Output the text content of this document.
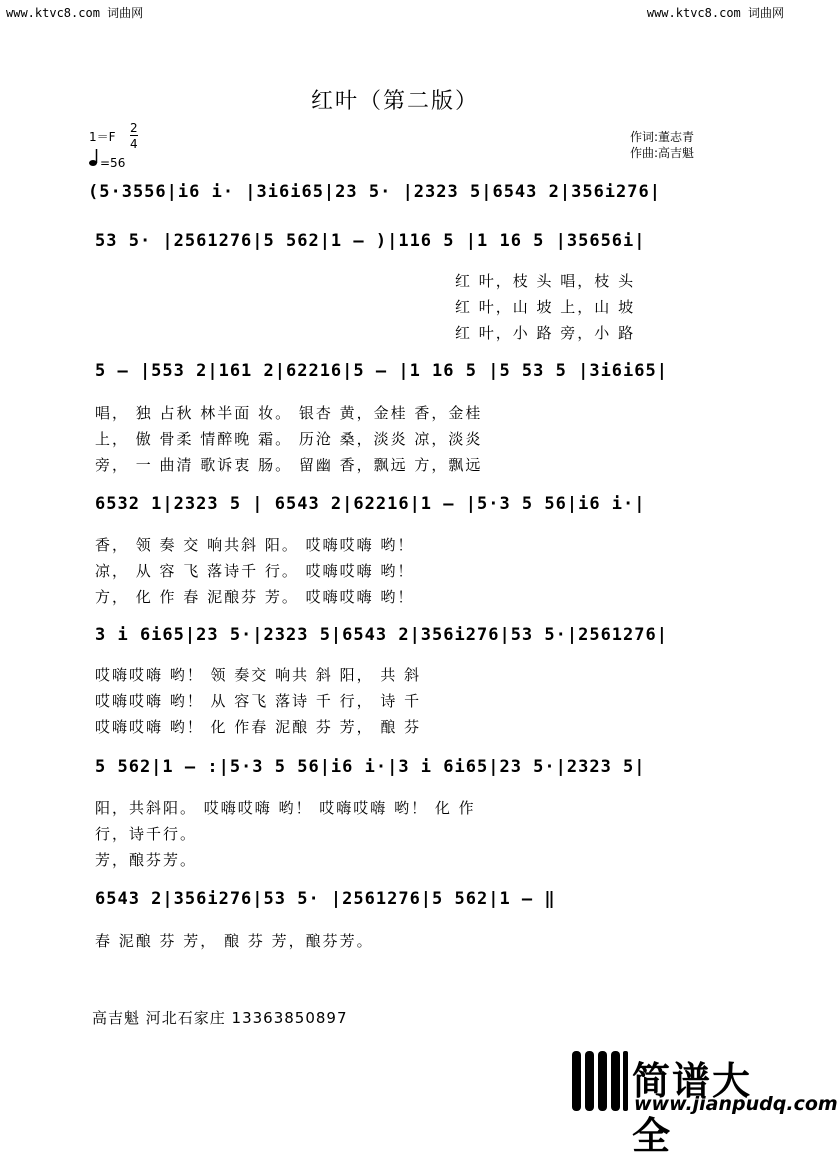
www.ktvc8.com 词曲网	www.ktvc8.com 词曲网
红叶（第二版）
$1=F \frac{2}{4}$
=56
作词:董志青
作曲:高吉魁
(5·3556|i6 i· |3i6i65|23 5· |2323 5|6543 2|356i276|
53 5· |2561276|5 562|1 – )|116 5 |1 16 5 |35656i|
红 叶，枝 头 唱，枝 头
红 叶，山 坡 上，山 坡
红 叶，小 路 旁，小 路
5 – |553 2|161 2|62216|5 – |1 16 5 |5 53 5 |3i6i65|
唱， 独 占秋 林半面 妆。 银杏 黄，金桂 香，金桂
上， 傲 骨柔 情醉晚 霜。 历沧 桑，淡炎 凉，淡炎
旁， 一 曲清 歌诉衷 肠。 留幽 香，飘远 方，飘远
6532 1|2323 5 | 6543 2|62216|1 – |5·3 5 56|i6 i·|
香， 领 奏 交 响共斜 阳。 哎嗨哎嗨 哟！
凉， 从 容 飞 落诗千 行。 哎嗨哎嗨 哟！
方， 化 作 春 泥酿芬 芳。 哎嗨哎嗨 哟！
3 i 6i65|23 5·|2323 5|6543 2|356i276|53 5·|2561276|
哎嗨哎嗨 哟！ 领 奏交 响共 斜 阳， 共 斜
哎嗨哎嗨 哟！ 从 容飞 落诗 千 行， 诗 千
哎嗨哎嗨 哟！ 化 作春 泥酿 芬 芳， 酿 芬
5 562|1 – :|5·3 5 56|i6 i·|3 i 6i65|23 5·|2323 5|
阳，共斜阳。 哎嗨哎嗨 哟！ 哎嗨哎嗨 哟！ 化 作
行，诗千行。
芳，酿芬芳。
6543 2|356i276|53 5· |2561276|5 562|1 – ‖
春 泥酿 芬 芳， 酿 芬 芳，酿芬芳。
高吉魁 河北石家庄 13363850897
简谱大全
www.jianpudq.com
